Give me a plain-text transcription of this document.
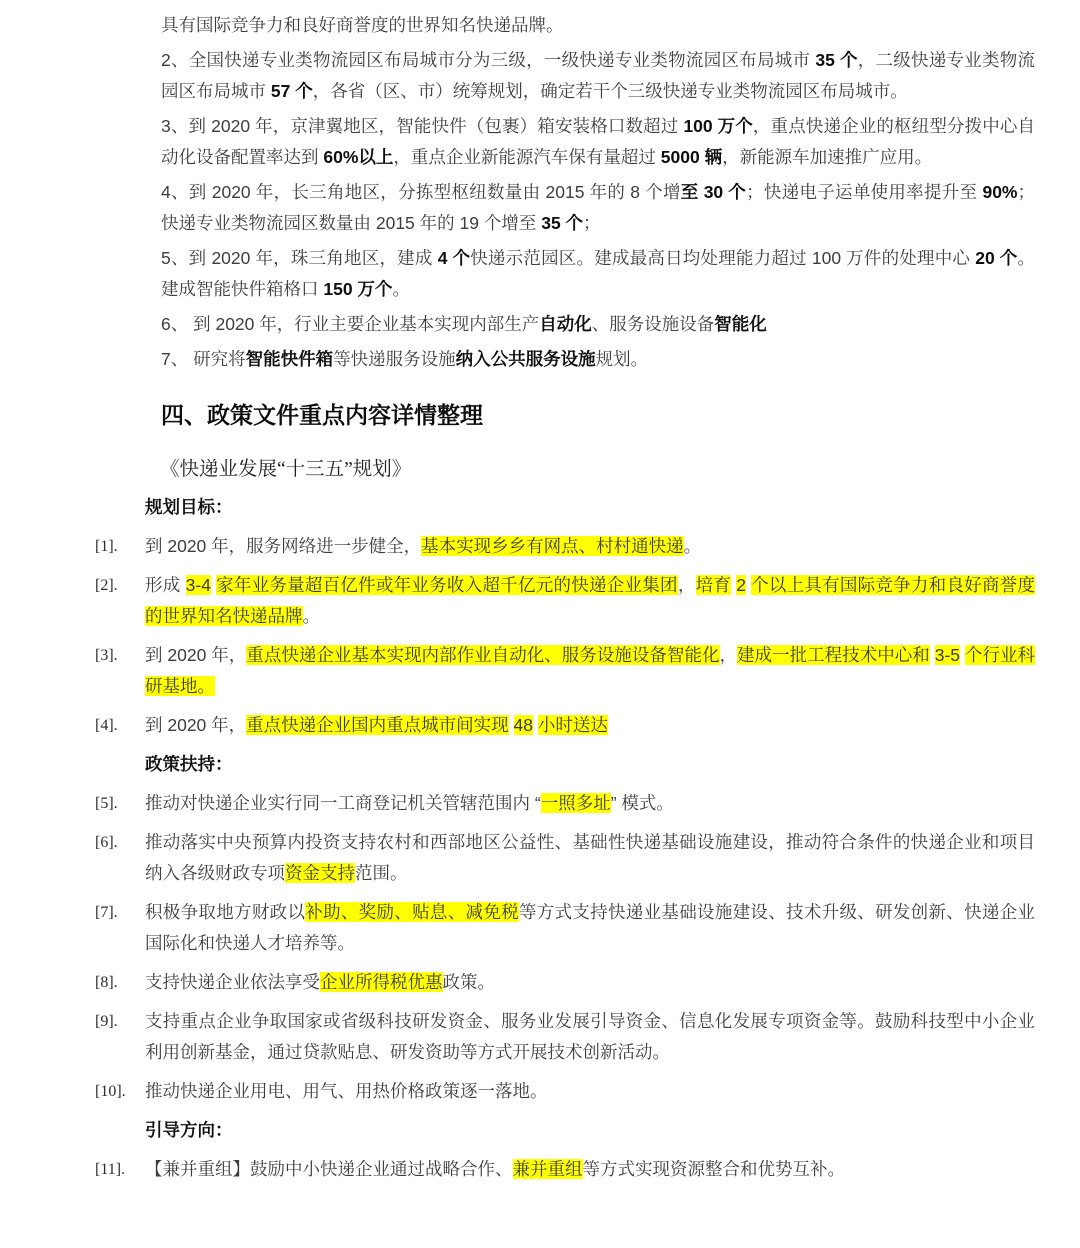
具有国际竞争力和良好商誉度的世界知名快递品牌。

2、全国快递专业类物流园区布局城市分为三级，一级快递专业类物流园区布局城市 35 个，二级快递专业类物流园区布局城市 57 个，各省（区、市）统筹规划，确定若干个三级快递专业类物流园区布局城市。

3、到 2020 年，京津翼地区，智能快件（包裹）箱安装格口数超过 100 万个，重点快递企业的枢纽型分拨中心自动化设备配置率达到 60%以上，重点企业新能源汽车保有量超过 5000 辆，新能源车加速推广应用。

4、到 2020 年，长三角地区，分拣型枢纽数量由 2015 年的 8 个增至 30 个；快递电子运单使用率提升至 90%；快递专业类物流园区数量由 2015 年的 19 个增至 35 个；

5、到 2020 年，珠三角地区，建成 4 个快递示范园区。建成最高日均处理能力超过 100 万件的处理中心 20 个。建成智能快件箱格口 150 万个。

6、 到 2020 年，行业主要企业基本实现内部生产自动化、服务设施设备智能化

7、 研究将智能快件箱等快递服务设施纳入公共服务设施规划。

四、政策文件重点内容详情整理

《快递业发展“十三五”规划》

规划目标：

[1].	到 2020 年，服务网络进一步健全，基本实现乡乡有网点、村村通快递。
[2].	形成 3-4 家年业务量超百亿件或年业务收入超千亿元的快递企业集团，培育 2 个以上具有国际竞争力和良好商誉度的世界知名快递品牌。
[3].	到 2020 年，重点快递企业基本实现内部作业自动化、服务设施设备智能化，建成一批工程技术中心和 3-5 个行业科研基地。
[4].	到 2020 年，重点快递企业国内重点城市间实现 48 小时送达

政策扶持：

[5].	推动对快递企业实行同一工商登记机关管辖范围内 “一照多址” 模式。
[6].	推动落实中央预算内投资支持农村和西部地区公益性、基础性快递基础设施建设，推动符合条件的快递企业和项目纳入各级财政专项资金支持范围。
[7].	积极争取地方财政以补助、奖励、贴息、减免税等方式支持快递业基础设施建设、技术升级、研发创新、快递企业国际化和快递人才培养等。
[8].	支持快递企业依法享受企业所得税优惠政策。
[9].	支持重点企业争取国家或省级科技研发资金、服务业发展引导资金、信息化发展专项资金等。鼓励科技型中小企业利用创新基金，通过贷款贴息、研发资助等方式开展技术创新活动。
[10].	推动快递企业用电、用气、用热价格政策逐一落地。

引导方向：

[11].	【兼并重组】鼓励中小快递企业通过战略合作、兼并重组等方式实现资源整合和优势互补。
